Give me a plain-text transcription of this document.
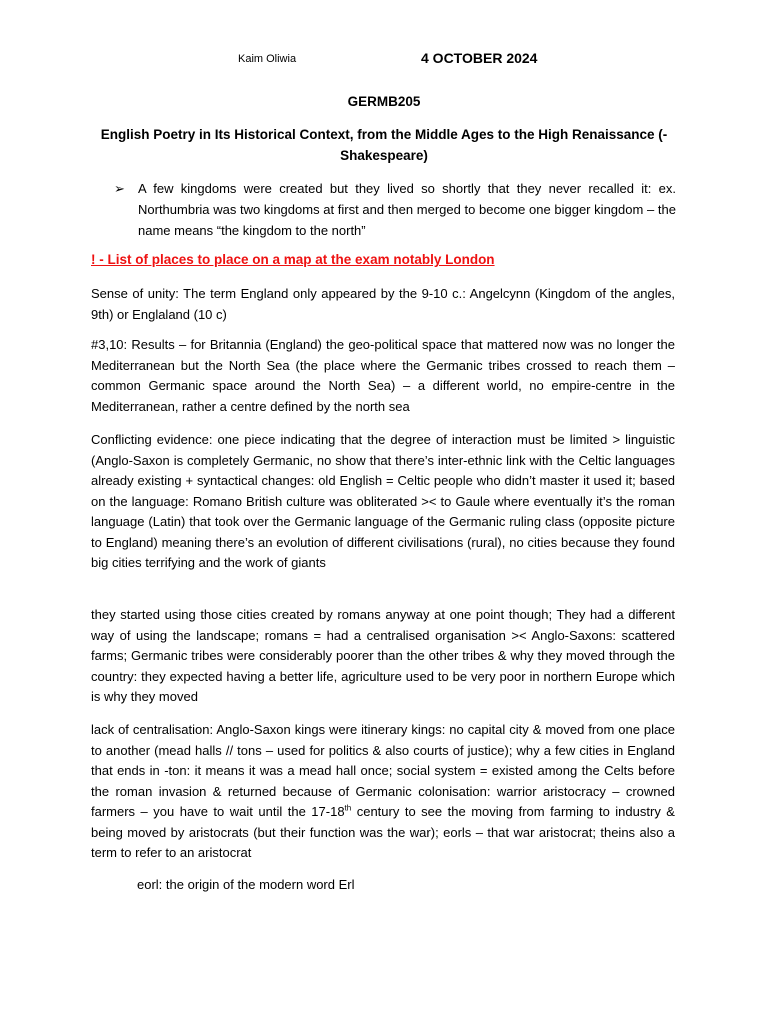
Kaim Oliwia	4 OCTOBER 2024
GERMB205
English Poetry in Its Historical Context, from the Middle Ages to the High Renaissance (-Shakespeare)
➢	A few kingdoms were created but they lived so shortly that they never recalled it: ex. Northumbria was two kingdoms at first and then merged to become one bigger kingdom – the name means “the kingdom to the north”
! - List of places to place on a map at the exam notably London

Sense of unity: The term England only appeared by the 9-10 c.: Angelcynn (Kingdom of the angles, 9th) or Englaland (10 c)

#3,10: Results – for Britannia (England) the geo-political space that mattered now was no longer the Mediterranean but the North Sea (the place where the Germanic tribes crossed to reach them – common Germanic space around the North Sea) – a different world, no empire-centre in the Mediterranean, rather a centre defined by the north sea

Conflicting evidence: one piece indicating that the degree of interaction must be limited > linguistic (Anglo-Saxon is completely Germanic, no show that there’s inter-ethnic link with the Celtic languages already existing + syntactical changes: old English = Celtic people who didn’t master it used it; based on the language: Romano British culture was obliterated >< to Gaule where eventually it’s the roman language (Latin) that took over the Germanic language of the Germanic ruling class (opposite picture to England) meaning there’s an evolution of different civilisations (rural), no cities because they found big cities terrifying and the work of giants

they started using those cities created by romans anyway at one point though; They had a different way of using the landscape; romans = had a centralised organisation >< Anglo-Saxons: scattered farms; Germanic tribes were considerably poorer than the other tribes & why they moved through the country: they expected having a better life, agriculture used to be very poor in northern Europe which is why they moved

lack of centralisation: Anglo-Saxon kings were itinerary kings: no capital city & moved from one place to another (mead halls // tons – used for politics & also courts of justice); why a few cities in England that ends in -ton: it means it was a mead hall once; social system = existed among the Celts before the roman invasion & returned because of Germanic colonisation: warrior aristocracy – crowned farmers – you have to wait until the 17-18th century to see the moving from farming to industry & being moved by aristocrats (but their function was the war); eorls – that war aristocrat; theins also a term to refer to an aristocrat

eorl: the origin of the modern word Erl
